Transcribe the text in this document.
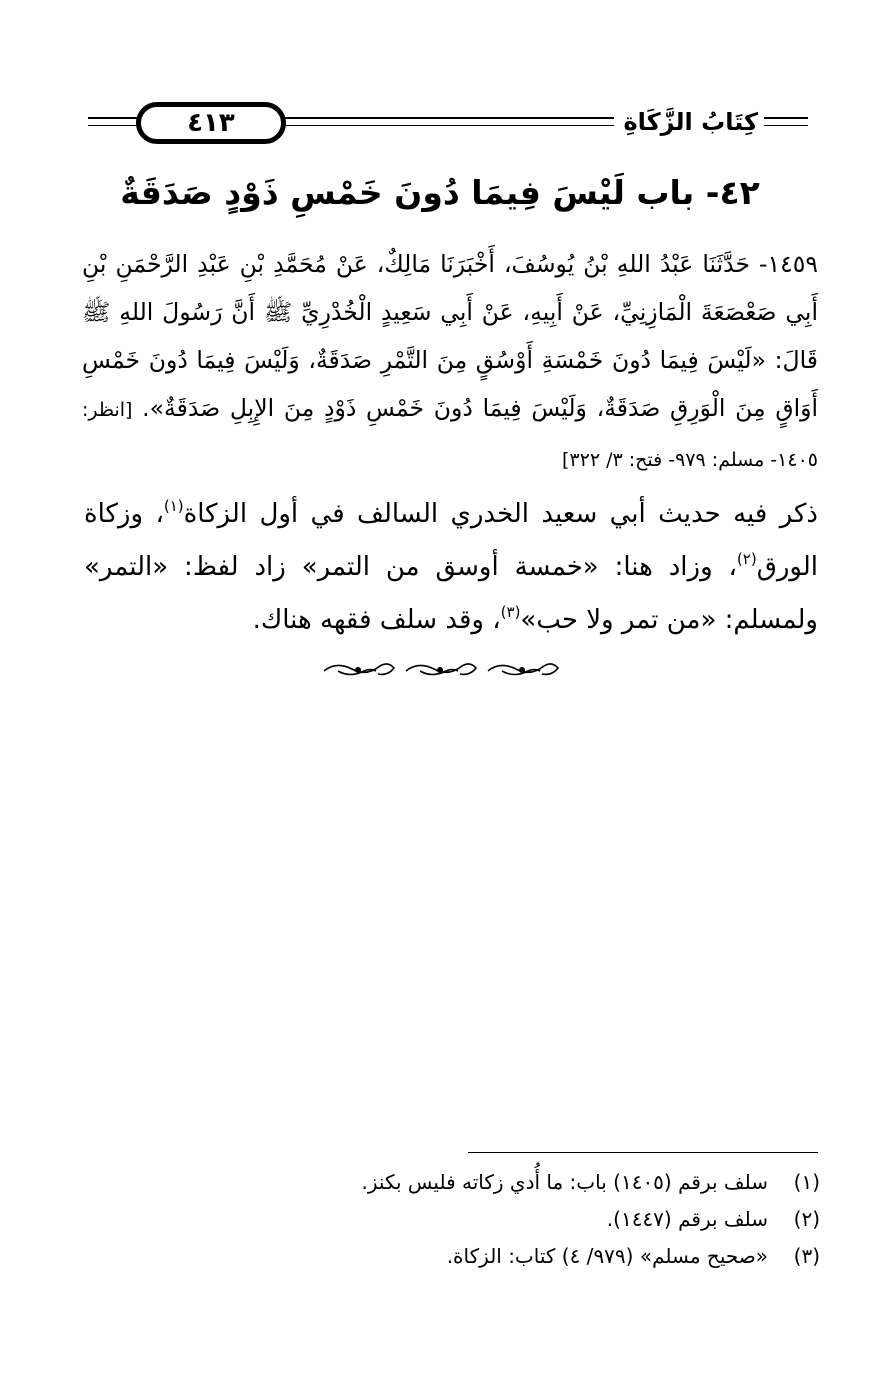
٤١٣	كِتَابُ الزَّكَاةِ
٤٢- باب لَيْسَ فِيمَا دُونَ خَمْسِ ذَوْدٍ صَدَقَةٌ
١٤٥٩- حَدَّثَنَا عَبْدُ اللهِ بْنُ يُوسُفَ، أَخْبَرَنَا مَالِكٌ، عَنْ مُحَمَّدِ بْنِ عَبْدِ الرَّحْمَنِ بْنِ أَبِي صَعْصَعَةَ الْمَازِنِيِّ، عَنْ أَبِيهِ، عَنْ أَبِي سَعِيدٍ الْخُدْرِيِّ ﷺ أَنَّ رَسُولَ اللهِ ﷺ قَالَ: «لَيْسَ فِيمَا دُونَ خَمْسَةِ أَوْسُقٍ مِنَ التَّمْرِ صَدَقَةٌ، وَلَيْسَ فِيمَا دُونَ خَمْسِ أَوَاقٍ مِنَ الْوَرِقِ صَدَقَةٌ، وَلَيْسَ فِيمَا دُونَ خَمْسِ ذَوْدٍ مِنَ الإِبِلِ صَدَقَةٌ». [انظر: ١٤٠٥- مسلم: ٩٧٩- فتح: ٣/ ٣٢٢]
ذكر فيه حديث أبي سعيد الخدري السالف في أول الزكاة$^{(١)}$، وزكاة الورق$^{(٢)}$، وزاد هنا: «خمسة أوسق من التمر» زاد لفظ: «التمر» ولمسلم: «من تمر ولا حب»$^{(٣)}$، وقد سلف فقهه هناك.
(١)
سلف برقم (١٤٠٥) باب: ما أُدي زكاته فليس بكنز.
(٢)
سلف برقم (١٤٤٧).
(٣)
«صحيح مسلم» (٩٧٩/ ٤) كتاب: الزكاة.
